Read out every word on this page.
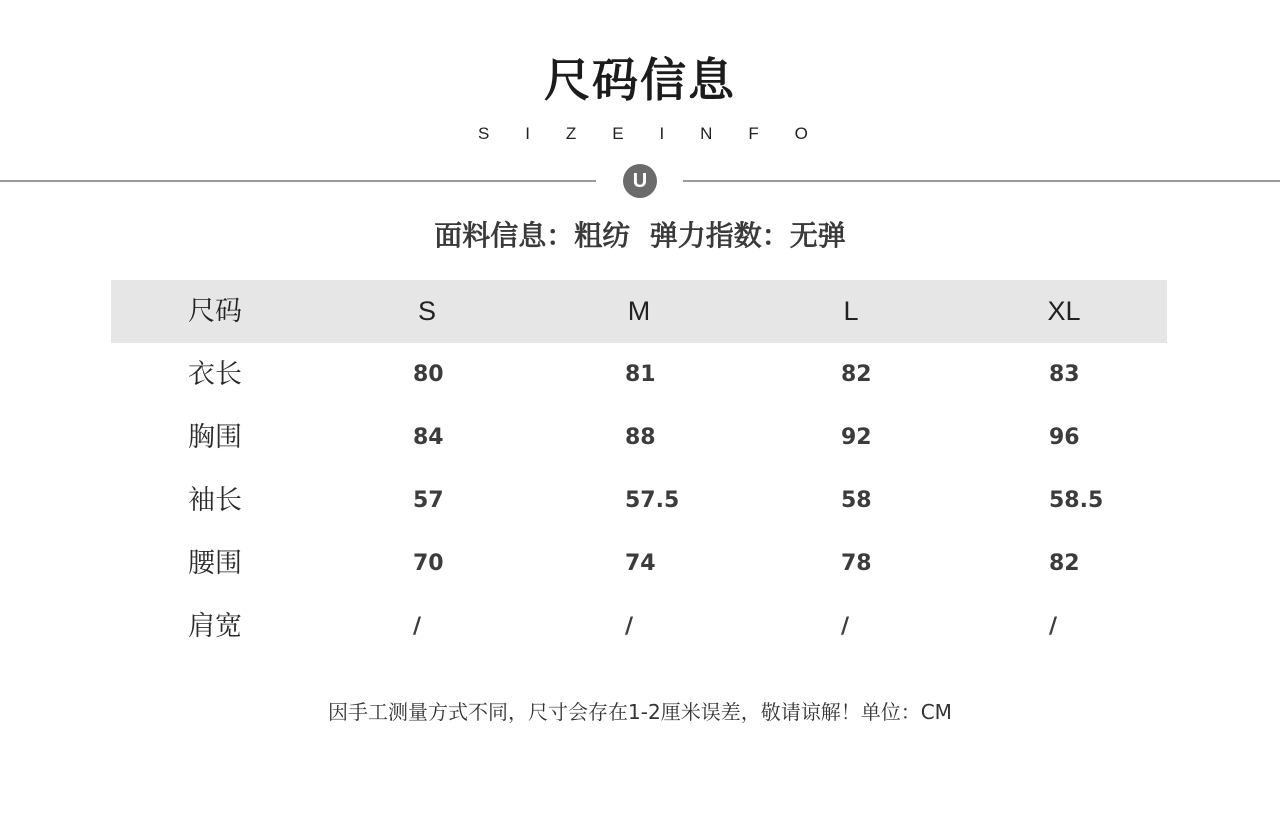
尺码信息
S I Z E I N F O
U
面料信息：粗纺  弹力指数：无弹
尺码	S	M	L	XL
衣长	80	81	82	83
胸围	84	88	92	96
袖长	57	57.5	58	58.5
腰围	70	74	78	82
肩宽	/	/	/	/
因手工测量方式不同，尺寸会存在1-2厘米误差，敬请谅解！单位：CM
